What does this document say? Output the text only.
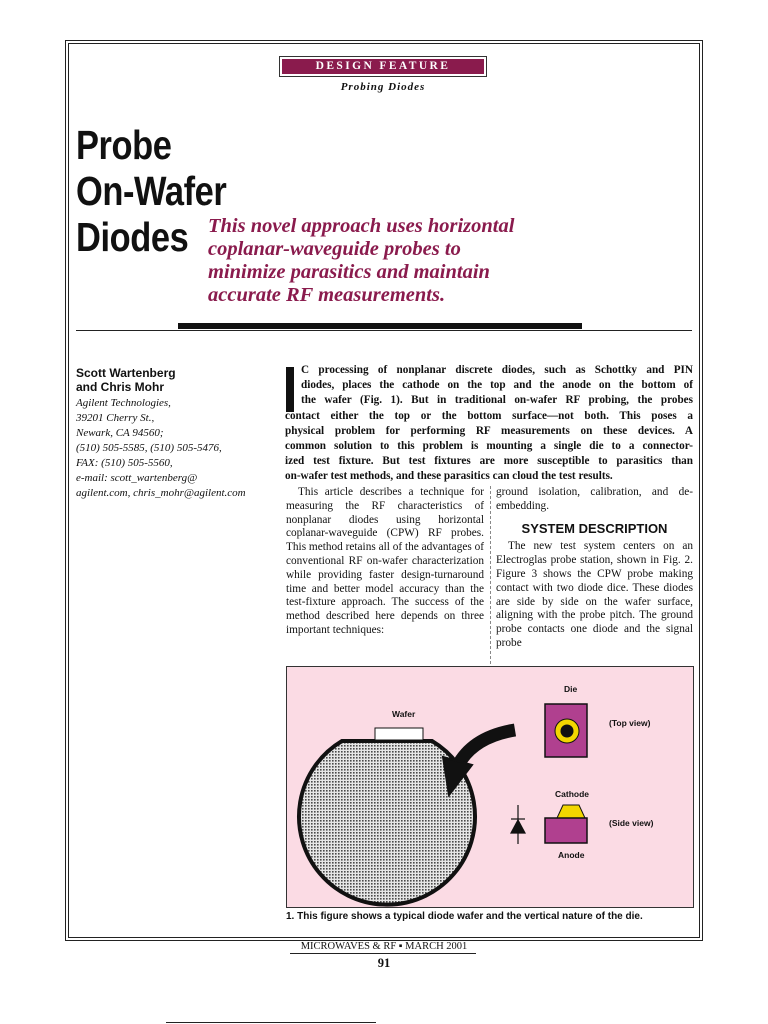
DESIGN FEATURE
Probing Diodes
Probe
On-Wafer
Diodes This novel approach uses horizontal
coplanar-waveguide probes to
minimize parasitics and maintain
accurate RF measurements.
Scott Wartenberg
and Chris Mohr
Agilent Technologies,
39201 Cherry St.,
Newark, CA 94560;
(510) 505-5585, (510) 505-5476,
FAX: (510) 505-5560,
e-mail: scott_wartenberg@
agilent.com, chris_mohr@agilent.com
C processing of nonplanar discrete diodes, such as Schottky and PIN
diodes, places the cathode on the top and the anode on the bottom of
the wafer (Fig. 1). But in traditional on-wafer RF probing, the probes
contact either the top or the bottom surface—not both. This poses a
physical problem for performing RF measurements on these devices. A
common solution to this problem is mounting a single die to a connector-
ized test fixture. But test fixtures are more susceptible to parasitics than
on-wafer test methods, and these parasitics can cloud the test results.

This article describes a technique for measuring the RF characteristics of nonplanar diodes using horizontal coplanar-waveguide (CPW) RF probes. This method retains all of the advantages of conventional RF on-wafer characterization while providing faster design-turnaround time and better model accuracy than the test-fixture approach. The success of the method described here depends on three important techniques:

ground isolation, calibration, and de-embedding.

SYSTEM DESCRIPTION

The new test system centers on an Electroglas probe station, shown in Fig. 2. Figure 3 shows the CPW probe making contact with two diode dice. These diodes are side by side on the wafer surface, aligning with the probe pitch. The ground probe contacts one diode and the signal probe

Wafer
Die
(Top view)
Cathode
(Side view)
Anode
1. This figure shows a typical diode wafer and the vertical nature of the die.
MICROWAVES & RF ▪ MARCH 2001
91
